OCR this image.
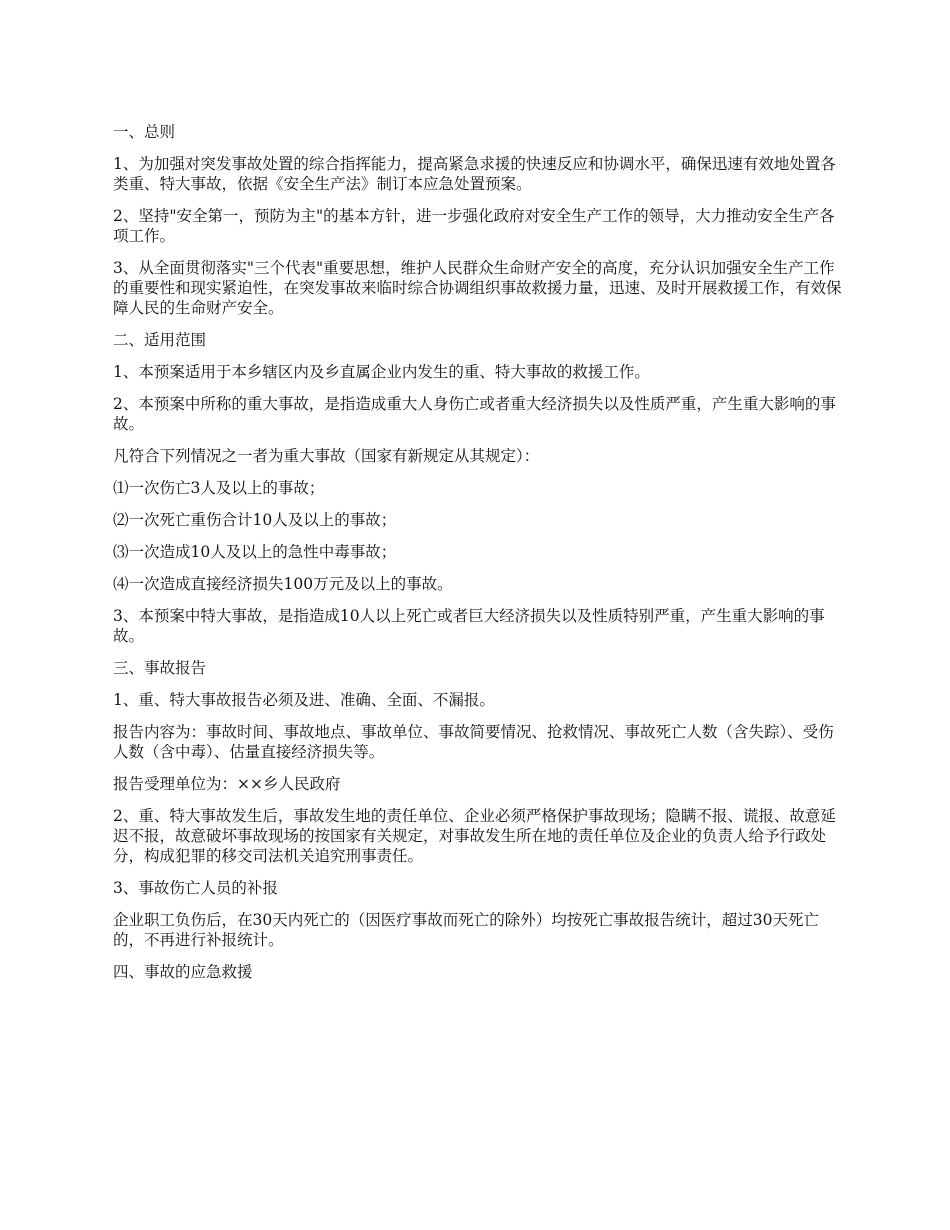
一、总则

1、为加强对突发事故处置的综合指挥能力，提高紧急求援的快速反应和协调水平，确保迅速有效地处置各类重、特大事故，依据《安全生产法》制订本应急处置预案。

2、坚持"安全第一，预防为主"的基本方针，进一步强化政府对安全生产工作的领导，大力推动安全生产各项工作。

3、从全面贯彻落实"三个代表"重要思想，维护人民群众生命财产安全的高度，充分认识加强安全生产工作的重要性和现实紧迫性，在突发事故来临时综合协调组织事故救援力量，迅速、及时开展救援工作，有效保障人民的生命财产安全。

二、适用范围

1、本预案适用于本乡辖区内及乡直属企业内发生的重、特大事故的救援工作。

2、本预案中所称的重大事故，是指造成重大人身伤亡或者重大经济损失以及性质严重，产生重大影响的事故。

凡符合下列情况之一者为重大事故（国家有新规定从其规定）：

⑴一次伤亡3人及以上的事故；

⑵一次死亡重伤合计10人及以上的事故；

⑶一次造成10人及以上的急性中毒事故；

⑷一次造成直接经济损失100万元及以上的事故。

3、本预案中特大事故，是指造成10人以上死亡或者巨大经济损失以及性质特别严重，产生重大影响的事故。

三、事故报告

1、重、特大事故报告必须及进、准确、全面、不漏报。

报告内容为：事故时间、事故地点、事故单位、事故简要情况、抢救情况、事故死亡人数（含失踪）、受伤人数（含中毒）、估量直接经济损失等。

报告受理单位为：××乡人民政府

2、重、特大事故发生后，事故发生地的责任单位、企业必须严格保护事故现场；隐瞒不报、谎报、故意延迟不报，故意破坏事故现场的按国家有关规定，对事故发生所在地的责任单位及企业的负责人给予行政处分，构成犯罪的移交司法机关追究刑事责任。

3、事故伤亡人员的补报

企业职工负伤后，在30天内死亡的（因医疗事故而死亡的除外）均按死亡事故报告统计，超过30天死亡的，不再进行补报统计。

四、事故的应急救援
